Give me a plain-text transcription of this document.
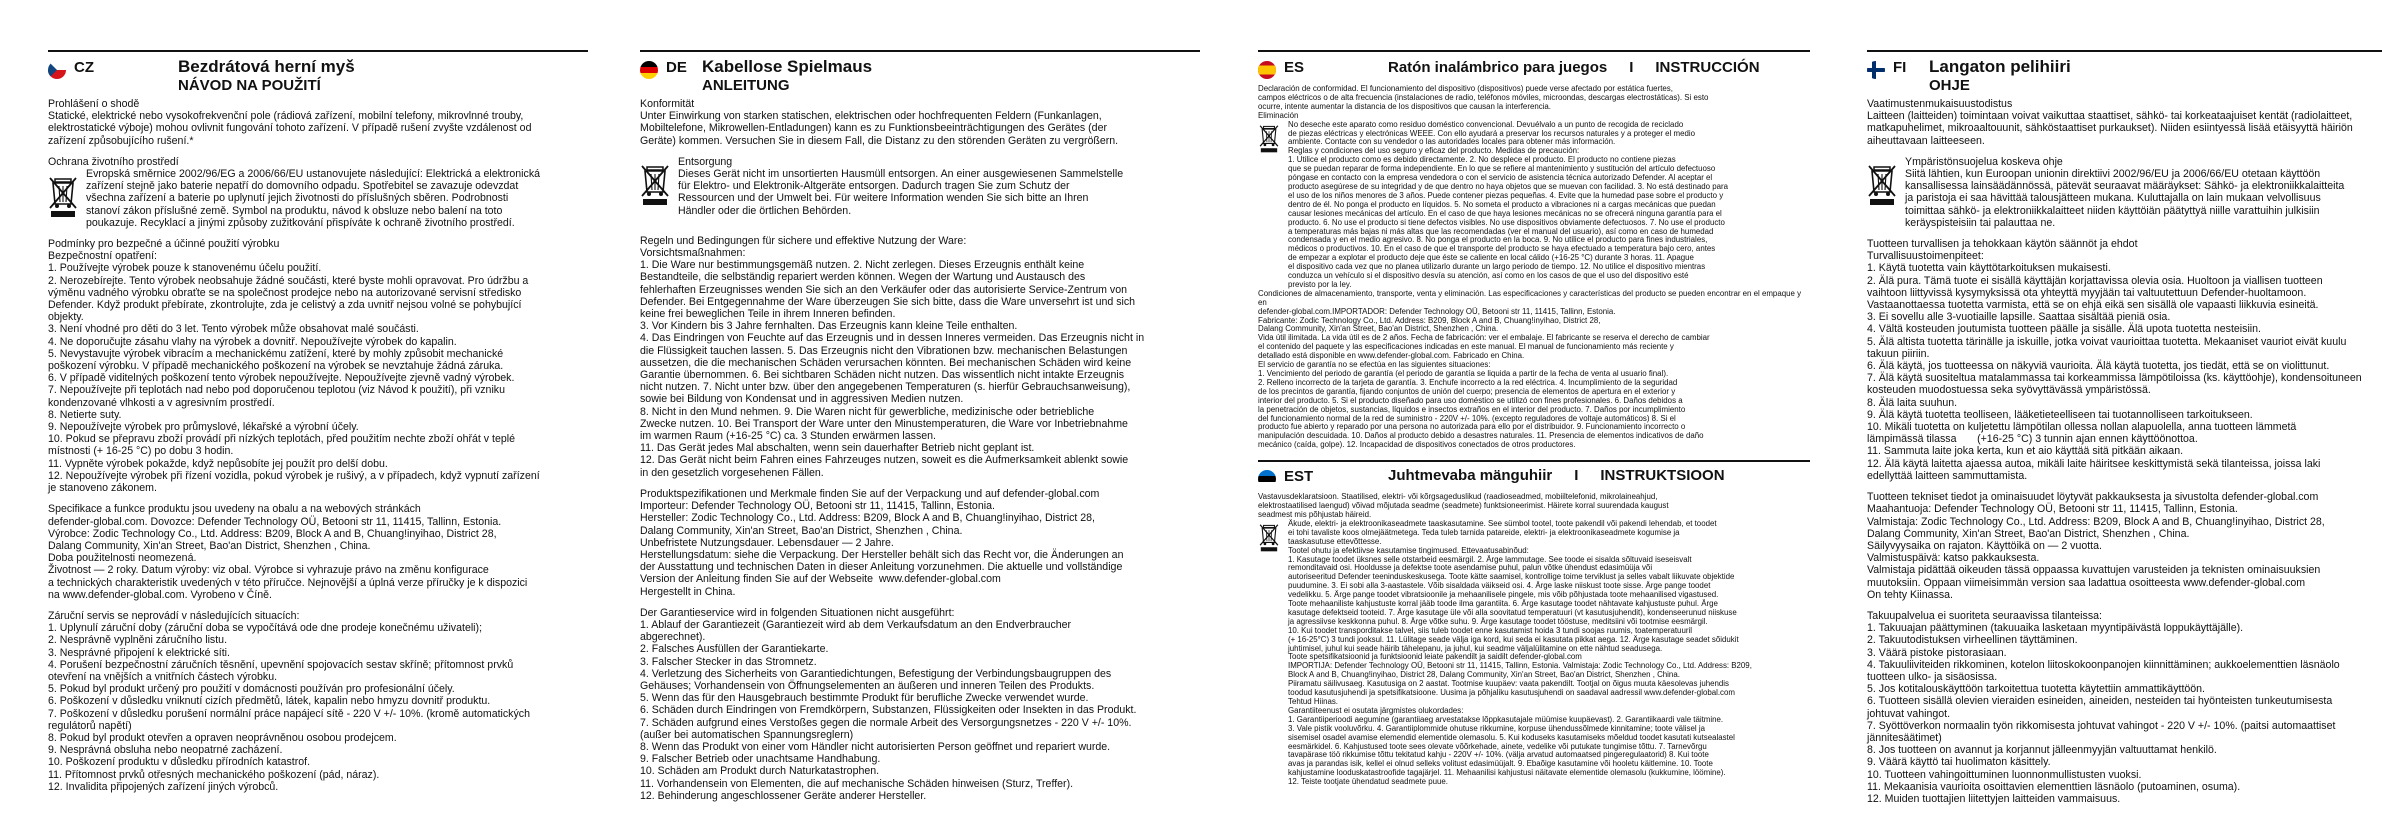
CZ	Bezdrátová herní myš
NÁVOD NA POUŽITÍ

Prohlášení o shodě
Statické, elektrické nebo vysokofrekvenční pole (rádiová zařízení, mobilní telefony, mikrovlnné trouby,
elektrostatické výboje) mohou ovlivnit fungování tohoto zařízení. V případě rušení zvyšte vzdálenost od
zařízení způsobujícího rušení.*

Ochrana životního prostředí

Evropská směrnice 2002/96/EG a 2006/66/EU ustanovujete následující: Elektrická a elektronická
zařízení stejně jako baterie nepatří do domovního odpadu. Spotřebitel se zavazuje odevzdat
všechna zařízení a baterie po uplynutí jejich životnosti do příslušných sběren. Podrobnosti
stanoví zákon příslušné země. Symbol na produktu, návod k obsluze nebo balení na toto
poukazuje. Recyklací a jinými způsoby zužitkování přispíváte k ochraně životního prostředí.

Podmínky pro bezpečné a účinné použití výrobku
Bezpečnostní opatření:
1. Používejte výrobek pouze k stanovenému účelu použití.
2. Nerozebírejte. Tento výrobek neobsahuje žádné součásti, které byste mohli opravovat. Pro údržbu a
výměnu vadného výrobku obraťte se na společnost prodejce nebo na autorizované servisní středisko
Defender. Když produkt přebírate, zkontrolujte, zda je celistvý a zda uvnitř nejsou volné se pohybující
objekty.
3. Není vhodné pro děti do 3 let. Tento výrobek může obsahovat malé součásti.
4. Ne doporučujte zásahu vlahy na výrobek a dovnitř. Nepoužívejte výrobek do kapalin.
5. Nevystavujte výrobek vibracím a mechanickému zatížení, které by mohly způsobit mechanické
poškození výrobku. V případě mechanického poškození na výrobek se nevztahuje žádná záruka.
6. V případě viditelných poškození tento výrobek nepoužívejte. Nepoužívejte zjevně vadný výrobek.
7. Nepoužívejte při teplotách nad nebo pod doporučenou teplotou (viz Návod k použití), při vzniku
kondenzované vlhkosti a v agresivním prostředí.
8. Netierte suty.
9. Nepoužívejte výrobek pro průmyslové, lékařské a výrobní účely.
10. Pokud se přepravu zboží provádí při nízkých teplotách, před použitím nechte zboží ohřát v teplé
místnosti (+ 16-25 °C) po dobu 3 hodin.
11. Vypněte výrobek pokažde, když nepůsobíte jej použít pro delší dobu.
12. Nepoužívejte výrobek při řízení vozidla, pokud výrobek je rušivý, a v případech, když vypnutí zařízení
je stanoveno zákonem.

Specifikace a funkce produktu jsou uvedeny na obalu a na webových stránkách
defender-global.com. Dovozce: Defender Technology OÜ, Betooni str 11, 11415, Tallinn, Estonia.
Výrobce: Zodic Technology Co., Ltd. Address: B209, Block A and B, Chuang!inyihao, District 28,
Dalang Community, Xin'an Street, Bao'an District, Shenzhen , China.
Doba použitelnosti neomezená.
Životnost — 2 roky. Datum výroby: viz obal. Výrobce si vyhrazuje právo na změnu konfigurace
a technických charakteristik uvedených v této příručce. Nejnovější a úplná verze příručky je k dispozici
na www.defender-global.com. Vyrobeno v Číně.

Záruční servis se neprovádí v následujících situacích:
1. Uplynulí záruční doby (záruční doba se vypočítává ode dne prodeje konečnému uživateli);
2. Nesprávně vyplněni záručního listu.
3. Nesprávné připojení k elektrické síti.
4. Porušení bezpečnostní záručních těsnění, upevnění spojovacích sestav skříně; přítomnost prvků
otevření na vnějších a vnitřních částech výrobku.
5. Pokud byl produkt určený pro použití v domácnosti používán pro profesionální účely.
6. Poškození v důsledku vniknutí cizích předmětů, látek, kapalin nebo hmyzu dovnitř produktu.
7. Poškození v důsledku porušení normální práce napájecí sítě - 220 V +/- 10%. (kromě automatických
regulátorů napětí)
8. Pokud byl produkt otevřen a opraven neoprávněnou osobou prodejcem.
9. Nesprávná obsluha nebo neopatrné zacházení.
10. Poškození produktu v důsledku přírodních katastrof.
11. Přítomnost prvků otřesných mechanického poškození (pád, náraz).
12. Invalidita připojených zařízení jiných výrobců.

DE Kabellose Spielmaus
ANLEITUNG

Konformität
Unter Einwirkung von starken statischen, elektrischen oder hochfrequenten Feldern (Funkanlagen,
Mobiltelefone, Mikrowellen-Entladungen) kann es zu Funktionsbeeinträchtigungen des Gerätes (der
Geräte) kommen. Versuchen Sie in diesem Fall, die Distanz zu den störenden Geräten zu vergrößern.

Entsorgung
Dieses Gerät nicht im unsortierten Hausmüll entsorgen. An einer ausgewiesenen Sammelstelle
für Elektro- und Elektronik-Altgeräte entsorgen. Dadurch tragen Sie zum Schutz der
Ressourcen und der Umwelt bei. Für weitere Information wenden Sie sich bitte an Ihren
Händler oder die örtlichen Behörden.

Regeln und Bedingungen für sichere und effektive Nutzung der Ware:
Vorsichtsmaßnahmen:
1. Die Ware nur bestimmungsgemäß nutzen. 2. Nicht zerlegen. Dieses Erzeugnis enthält keine
Bestandteile, die selbständig repariert werden können. Wegen der Wartung und Austausch des
fehlerhaften Erzeugnisses wenden Sie sich an den Verkäufer oder das autorisierte Service-Zentrum von
Defender. Bei Entgegennahme der Ware überzeugen Sie sich bitte, dass die Ware unversehrt ist und sich
keine frei beweglichen Teile in ihrem Inneren befinden.
3. Vor Kindern bis 3 Jahre fernhalten. Das Erzeugnis kann kleine Teile enthalten.
4. Das Eindringen von Feuchte auf das Erzeugnis und in dessen Inneres vermeiden. Das Erzeugnis nicht in
die Flüssigkeit tauchen lassen. 5. Das Erzeugnis nicht den Vibrationen bzw. mechanischen Belastungen
aussetzen, die die mechanischen Schäden verursachen könnten. Bei mechanischen Schäden wird keine
Garantie übernommen. 6. Bei sichtbaren Schäden nicht nutzen. Das wissentlich nicht intakte Erzeugnis
nicht nutzen. 7. Nicht unter bzw. über den angegebenen Temperaturen (s. hierfür Gebrauchsanweisung),
sowie bei Bildung von Kondensat und in aggressiven Medien nutzen.
8. Nicht in den Mund nehmen. 9. Die Waren nicht für gewerbliche, medizinische oder betriebliche
Zwecke nutzen. 10. Bei Transport der Ware unter den Minustemperaturen, die Ware vor Inbetriebnahme
im warmen Raum (+16-25 °C) ca. 3 Stunden erwärmen lassen.
11. Das Gerät jedes Mal abschalten, wenn sein dauerhafter Betrieb nicht geplant ist.
12. Das Gerät nicht beim Fahren eines Fahrzeuges nutzen, soweit es die Aufmerksamkeit ablenkt sowie
in den gesetzlich vorgesehenen Fällen.

Produktspezifikationen und Merkmale finden Sie auf der Verpackung und auf defender-global.com
Importeur: Defender Technology OÜ, Betooni str 11, 11415, Tallinn, Estonia.
Hersteller: Zodic Technology Co., Ltd. Address: B209, Block A and B, Chuang!inyihao, District 28,
Dalang Community, Xin'an Street, Bao'an District, Shenzhen , China.
Unbefristete Nutzungsdauer. Lebensdauer — 2 Jahre.
Herstellungsdatum: siehe die Verpackung. Der Hersteller behält sich das Recht vor, die Änderungen an
der Ausstattung und technischen Daten in dieser Anleitung vorzunehmen. Die aktuelle und vollständige
Version der Anleitung finden Sie auf der Webseite  www.defender-global.com
Hergestellt in China.

Der Garantieservice wird in folgenden Situationen nicht ausgeführt:
1. Ablauf der Garantiezeit (Garantiezeit wird ab dem Verkaufsdatum an den Endverbraucher
abgerechnet).
2. Falsches Ausfüllen der Garantiekarte.
3. Falscher Stecker in das Stromnetz.
4. Verletzung des Sicherheits von Garantiedichtungen, Befestigung der Verbindungsbaugruppen des
Gehäuses; Vorhandensein von Öffnungselementen an äußeren und inneren Teilen des Produkts.
5. Wenn das für den Hausgebrauch bestimmte Produkt für berufliche Zwecke verwendet wurde.
6. Schäden durch Eindringen von Fremdkörpern, Substanzen, Flüssigkeiten oder Insekten in das Produkt.
7. Schäden aufgrund eines Verstoßes gegen die normale Arbeit des Versorgungsnetzes - 220 V +/- 10%.
(außer bei automatischen Spannungsreglern)
8. Wenn das Produkt von einer vom Händler nicht autorisierten Person geöffnet und repariert wurde.
9. Falscher Betrieb oder unachtsame Handhabung.
10. Schäden am Produkt durch Naturkatastrophen.
11. Vorhandensein von Elementen, die auf mechanische Schäden hinweisen (Sturz, Treffer).
12. Behinderung angeschlossener Geräte anderer Hersteller.

ES	Ratón inalámbrico para juegos I INSTRUCCIÓN

Declaración de conformidad. El funcionamiento del dispositivo (dispositivos) puede verse afectado por estática fuertes,
campos eléctricos o de alta frecuencia (instalaciones de radio, teléfonos móviles, microondas, descargas electrostáticas). Si esto
ocurre, intente aumentar la distancia de los dispositivos que causan la interferencia.
Eliminación

No deseche este aparato como residuo doméstico convencional. Devuélvalo a un punto de recogida de reciclado
de piezas eléctricas y electrónicas WEEE. Con ello ayudará a preservar los recursos naturales y a proteger el medio
ambiente. Contacte con su vendedor o las autoridades locales para obtener más información.
Reglas y condiciones del uso seguro y eficaz del producto. Medidas de precaución:
1. Utilice el producto como es debido directamente. 2. No desplece el producto. El producto no contiene piezas
que se puedan reparar de forma independiente. En lo que se refiere al mantenimiento y sustitución del artículo defectuoso
póngase en contacto con la empresa vendedora o con el servicio de asistencia técnica autorizado Defender. Al aceptar el
producto asegúrese de su integridad y de que dentro no haya objetos que se muevan con facilidad. 3. No está destinado para
el uso de los niños menores de 3 años. Puede contener piezas pequeñas. 4. Evite que la humedad pase sobre el producto y
dentro de él. No ponga el producto en líquidos. 5. No someta el producto a vibraciones ni a cargas mecánicas que puedan
causar lesiones mecánicas del artículo. En el caso de que haya lesiones mecánicas no se ofrecerá ninguna garantía para el
producto. 6. No use el producto si tiene defectos visibles. No use dispositivos obviamente defectuosos. 7. No use el producto
a temperaturas más bajas ni más altas que las recomendadas (ver el manual del usuario), así como en caso de humedad
condensada y en el medio agresivo. 8. No ponga el producto en la boca. 9. No utilice el producto para fines industriales,
médicos o productivos. 10. En el caso de que el transporte del producto se haya efectuado a temperatura bajo cero, antes
de empezar a explotar el producto deje que éste se caliente en local cálido (+16-25 °C) durante 3 horas. 11. Apague
el dispositivo cada vez que no planea utilizarlo durante un largo periodo de tiempo. 12. No utilice el dispositivo mientras
conduzca un vehículo si el dispositivo desvía su atención, así como en los casos de que el uso del dispositivo esté
previsto por la ley.

Condiciones de almacenamiento, transporte, venta y eliminación. Las especificaciones y características del producto se pueden encontrar en el empaque y en
defender-global.com.IMPORTADOR: Defender Technology OÜ, Betooni str 11, 11415, Tallinn, Estonia.
Fabricante: Zodic Technology Co., Ltd. Address: B209, Block A and B, Chuang!inyihao, District 28,
Dalang Community, Xin'an Street, Bao'an District, Shenzhen , China.
Vida útil ilimitada. La vida útil es de 2 años. Fecha de fabricación: ver el embalaje. El fabricante se reserva el derecho de cambiar
el contenido del paquete y las especificaciones indicadas en este manual. El manual de funcionamiento más reciente y
detallado está disponible en www.defender-global.com. Fabricado en China.
El servicio de garantía no se efectúa en las siguientes situaciones:
1. Vencimiento del periodo de garantía (el periodo de garantía se liquida a partir de la fecha de venta al usuario final).
2. Relleno incorrecto de la tarjeta de garantía. 3. Enchufe incorrecto a la red eléctrica. 4. Incumplimiento de la seguridad
de los precintos de garantía, fijando conjuntos de unión del cuerpo; presencia de elementos de apertura en el exterior y
interior del producto. 5. Si el producto diseñado para uso doméstico se utilizó con fines profesionales. 6. Daños debidos a
la penetración de objetos, sustancias, líquidos e insectos extraños en el interior del producto. 7. Daños por incumplimiento
del funcionamiento normal de la red de suministro - 220V +/- 10%. (excepto reguladores de voltaje automáticos) 8. Si el
producto fue abierto y reparado por una persona no autorizada para ello por el distribuidor. 9. Funcionamiento incorrecto o
manipulación descuidada. 10. Daños al producto debido a desastres naturales. 11. Presencia de elementos indicativos de daño
mecánico (caída, golpe). 12. Incapacidad de dispositivos conectados de otros productores.

EST	Juhtmevaba mänguhiir I INSTRUKTSIOON

Vastavusdeklaratsioon. Staatilised, elektri- või kõrgsageduslikud (raadioseadmed, mobiiltelefonid, mikrolaineahjud,
elektrostaatilised laengud) võivad mõjutada seadme (seadmete) funktsioneerimist. Häirete korral suurendada kaugust
seadmest mis põhjustab häireid.

Äkude, elektri- ja elektroonikaseadmete taaskasutamine. See sümbol tootel, toote pakendil või pakendi lehendab, et toodet
ei tohi tavaliste koos olmejäätmetega. Teda tuleb tarnida patareide, elektri- ja elektroonikaseadmete kogumise ja
taaskasutuse ettevõttesse.
Tootel ohutu ja efektiivse kasutamise tingimused. Ettevaatusabinõud:
1. Kasutage toodet üksnes selle otstarbeid eesmärgil. 2. Ärge lammutage. See toode ei sisalda sõltuvaid iseseisvalt
remonditavaid osi. Hooldusse ja defektse toote asendamise puhul, palun võtke ühendust edasimüüja või
autoriseeritud Defender teeninduskeskusega. Toote kätte saamisel, kontrollige toime terviklust ja selles vabalt liikuvate objektide
puudumine. 3. Ei sobi alla 3-aastastele. Võib sisaldada väikseid osi. 4. Ärge laske niiskust toote sisse. Ärge pange toodet
vedelikku. 5. Ärge pange toodet vibratsioonile ja mehaanilisele pingele, mis võib põhjustada toote mehaanilised vigastused.
Toote mehaaniliste kahjustuste korral jääb toode ilma garantiita. 6. Ärge kasutage toodet nähtavate kahjustuste puhul. Ärge
kasutage defektseid tooteid. 7. Ärge kasutage üle või alla soovitatud temperatuuri (vt kasutusjuhendit), kondenseerunud niiskuse
ja agressiivse keskkonna puhul. 8. Ärge võtke suhu. 9. Ärge kasutage toodet tööstuse, meditsiini või tootmise eesmärgil.
10. Kui toodet transporditakse talvel, siis tuleb toodet enne kasutamist hoida 3 tundi soojas ruumis, toatemperatuuril
(+ 16-25°C) 3 tundi jooksul. 11. Lülitage seade välja iga kord, kui seda ei kasutata pikkat aega. 12. Ärge kasutage seadet sõidukit
juhtimisel, juhul kui seade häirib tähelepanu, ja juhul, kui seadme väljalülitamine on ette nähtud seadusega.
Toote spetsifikatsioonid ja funktsioonid leiate pakendilt ja saidilt defender-global.com
IMPORTIJA: Defender Technology OÜ, Betooni str 11, 11415, Tallinn, Estonia. Valmistaja: Zodic Technology Co., Ltd. Address: B209,
Block A and B, Chuang!inyihao, District 28, Dalang Community, Xin'an Street, Bao'an District, Shenzhen , China.
Piiramatu säilivusaeg. Kasutusiga on 2 aastat. Tootmise kuupäev: vaata pakendilt. Tootjal on õigus muuta käesolevas juhendis
toodud kasutusjuhendi ja spetsifikatsioone. Uusima ja põhjaliku kasutusjuhendi on saadaval aadressil www.defender-global.com
Tehtud Hiinas.
Garantiiteenust ei osutata järgmistes olukordades:
1. Garantiiperioodi aegumine (garantiiaeg arvestatakse lõppkasutajale müümise kuupäevast). 2. Garantiikaardi vale täitmine.
3. Vale pistik vooluvõrku. 4. Garantiiplommide ohutuse rikkumine, korpuse ühendussõlmede kinnitamine; toote välisel ja
sisemisel osadel avamise elemendid elementide olemasolu. 5. Kui koduseks kasutamiseks mõeldud toodet kasutati kutsealastel
eesmärkidel. 6. Kahjustused toote sees olevate võõrkehade, ainete, vedelike või putukate tungimise tõttu. 7. Tarnevõrgu
tavapärase töö rikkumise tõttu tekitatud kahju - 220V +/- 10%. (välja arvatud automaatsed pingeregulaatorid) 8. Kui toote
avas ja parandas isik, kellel ei olnud selleks volitust edasimüüjalt. 9. Ebaõige kasutamine või hooletu käitlemine. 10. Toote
kahjustamine looduskatastroofide tagajärjel. 11. Mehaanilisi kahjustusi näitavate elementide olemasolu (kukkumine, löömine).
12. Teiste tootjate ühendatud seadmete puue.
FI Langaton pelihiiri
OHJE

Vaatimustenmukaisuustodistus
Laitteen (laitteiden) toimintaan voivat vaikuttaa staattiset, sähkö- tai korkeataajuiset kentät (radiolaitteet,
matkapuhelimet, mikroaaltouunit, sähköstaattiset purkaukset). Niiden esiintyessä lisää etäisyyttä häiriön
aiheuttavaan laitteeseen.

Ympäristönsuojelua koskeva ohje
Siitä lähtien, kun Euroopan unionin direktiivi 2002/96/EU ja 2006/66/EU otetaan käyttöön
kansallisessa lainsäädännössä, pätevät seuraavat määräykset: Sähkö- ja elektroniikkalaitteita
ja paristoja ei saa hävittää talousjätteen mukana. Kuluttajalla on lain mukaan velvollisuus
toimittaa sähkö- ja elektroniikkalaitteet niiden käyttöiän päätyttyä niille varattuihin julkisiin
keräyspisteisiin tai palauttaa ne.

Tuotteen turvallisen ja tehokkaan käytön säännöt ja ehdot
Turvallisuustoimenpiteet:
1. Käytä tuotetta vain käyttötarkoituksen mukaisesti.
2. Älä pura. Tämä tuote ei sisällä käyttäjän korjattavissa olevia osia. Huoltoon ja viallisen tuotteen
vaihtoon liittyvissä kysymyksissä ota yhteyttä myyjään tai valtuutettuun Defender-huoltamoon.
Vastaanottaessa tuotetta varmista, että se on ehjä eikä sen sisällä ole vapaasti liikkuvia esineitä.
3. Ei sovellu alle 3-vuotiaille lapsille. Saattaa sisältää pieniä osia.
4. Vältä kosteuden joutumista tuotteen päälle ja sisälle. Älä upota tuotetta nesteisiin.
5. Älä altista tuotetta tärinälle ja iskuille, jotka voivat vaurioittaa tuotetta. Mekaaniset vauriot eivät kuulu
takuun piiriin.
6. Älä käytä, jos tuotteessa on näkyviä vaurioita. Älä käytä tuotetta, jos tiedät, että se on violittunut.
7. Älä käytä suositeltua matalammassa tai korkeammissa lämpötiloissa (ks. käyttöohje), kondensoituneen
kosteuden muodostuessa seka syövyttävässä ympäristössä.
8. Älä laita suuhun.
9. Älä käytä tuotetta teolliseen, lääketieteelliseen tai tuotannolliseen tarkoitukseen.
10. Mikäli tuotetta on kuljetettu lämpötilan ollessa nollan alapuolella, anna tuotteen lämmetä
lämpimässä tilassa       (+16-25 °C) 3 tunnin ajan ennen käyttöönottoa.
11. Sammuta laite joka kerta, kun et aio käyttää sitä pitkään aikaan.
12. Älä käytä laitetta ajaessa autoa, mikäli laite häiritsee keskittymistä sekä tilanteissa, joissa laki
edellyttää laitteen sammuttamista.

Tuotteen tekniset tiedot ja ominaisuudet löytyvät pakkauksesta ja sivustolta defender-global.com
Maahantuoja: Defender Technology OÜ, Betooni str 11, 11415, Tallinn, Estonia.
Valmistaja: Zodic Technology Co., Ltd. Address: B209, Block A and B, Chuang!inyihao, District 28,
Dalang Community, Xin'an Street, Bao'an District, Shenzhen , China.
Säilyvyysaika on rajaton. Käyttöikä on — 2 vuotta.
Valmistuspäivä: katso pakkauksesta.
Valmistaja pidättää oikeuden tässä oppaassa kuvattujen varusteiden ja teknisten ominaisuuksien
muutoksiin. Oppaan viimeisimmän version saa ladattua osoitteesta www.defender-global.com
On tehty Kiinassa.

Takuupalvelua ei suoriteta seuraavissa tilanteissa:
1. Takuuajan päättyminen (takuuaika lasketaan myyntipäivästä loppukäyttäjälle).
2. Takuutodistuksen virheellinen täyttäminen.
3. Väärä pistoke pistorasiaan.
4. Takuuliiviteiden rikkominen, kotelon liitoskokoonpanojen kiinnittäminen; aukkoelementtien läsnäolo
tuotteen ulko- ja sisäosissa.
5. Jos kotitalouskäyttöön tarkoitettua tuotetta käytettiin ammattikäyttöön.
6. Tuotteen sisällä olevien vieraiden esineiden, aineiden, nesteiden tai hyönteisten tunkeutumisesta
johtuvat vahingot.
7. Syöttöverkon normaalin työn rikkomisesta johtuvat vahingot - 220 V +/- 10%. (paitsi automaattiset
jännitesäätimet)
8. Jos tuotteen on avannut ja korjannut jälleenmyyjän valtuuttamat henkilö.
9. Väärä käyttö tai huolimaton käsittely.
10. Tuotteen vahingoittuminen luonnonmullistusten vuoksi.
11. Mekaanisia vaurioita osoittavien elementtien läsnäolo (putoaminen, osuma).
12. Muiden tuottajien liitettyjen laitteiden vammaisuus.
